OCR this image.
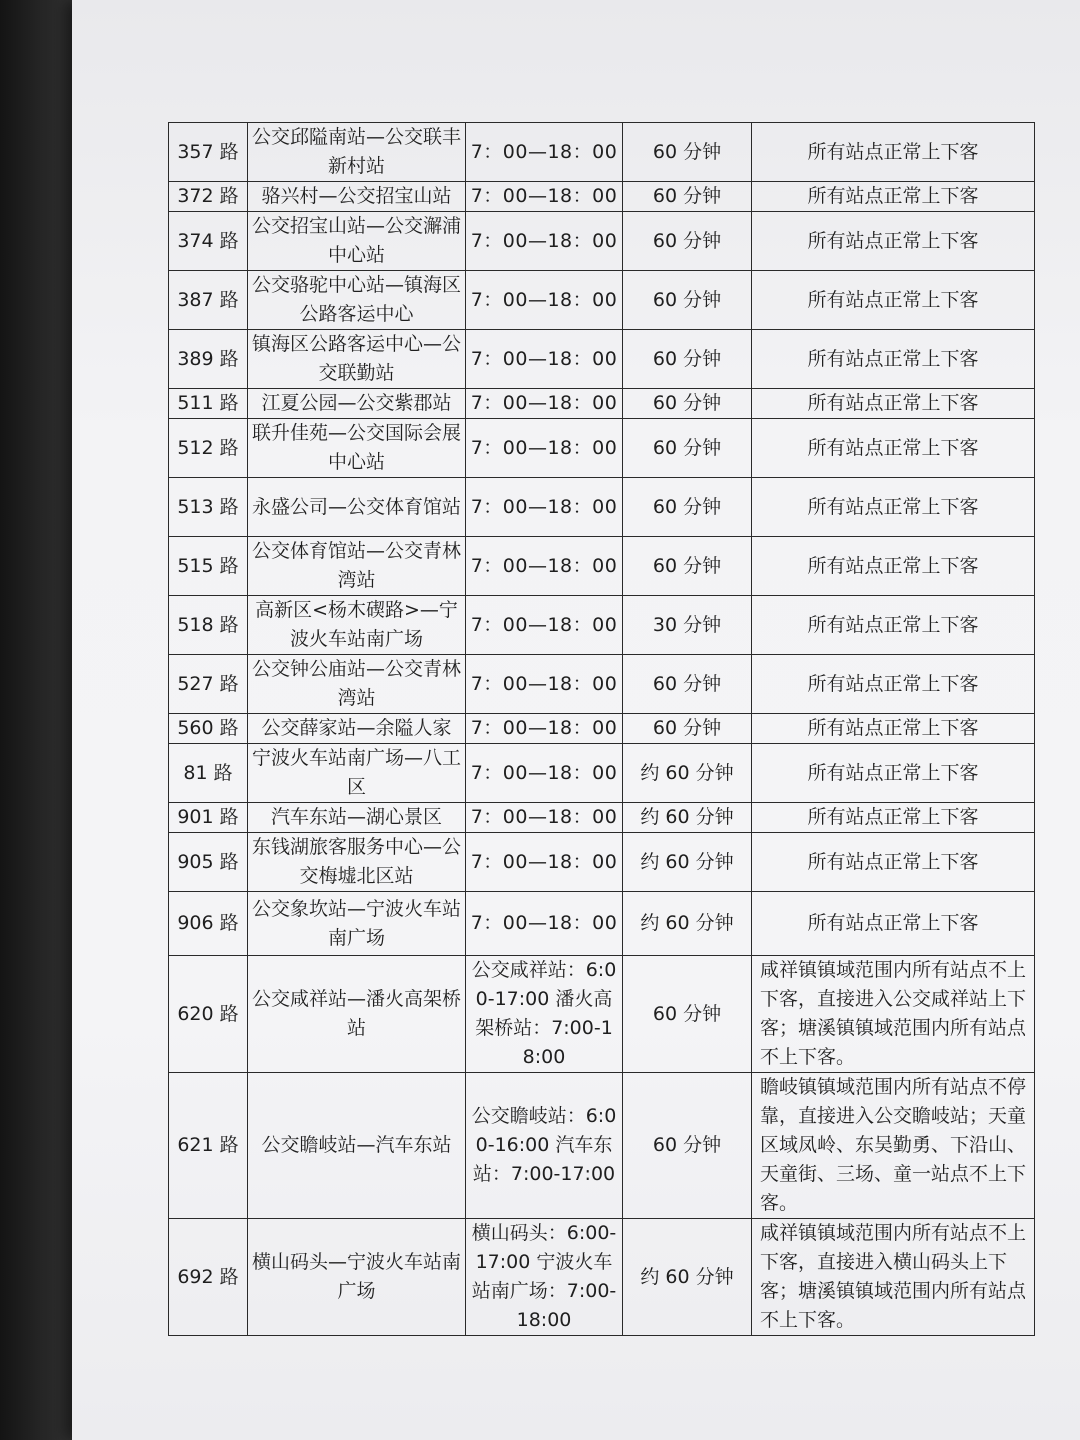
357 路	公交邱隘南站—公交联丰新村站	7：00—18：00	60 分钟	所有站点正常上下客
372 路	骆兴村—公交招宝山站	7：00—18：00	60 分钟	所有站点正常上下客
374 路	公交招宝山站—公交澥浦中心站	7：00—18：00	60 分钟	所有站点正常上下客
387 路	公交骆驼中心站—镇海区公路客运中心	7：00—18：00	60 分钟	所有站点正常上下客
389 路	镇海区公路客运中心—公交联勤站	7：00—18：00	60 分钟	所有站点正常上下客
511 路	江夏公园—公交紫郡站	7：00—18：00	60 分钟	所有站点正常上下客
512 路	联升佳苑—公交国际会展中心站	7：00—18：00	60 分钟	所有站点正常上下客
513 路	永盛公司—公交体育馆站	7：00—18：00	60 分钟	所有站点正常上下客
515 路	公交体育馆站—公交青林湾站	7：00—18：00	60 分钟	所有站点正常上下客
518 路	高新区<杨木碶路>—宁波火车站南广场	7：00—18：00	30 分钟	所有站点正常上下客
527 路	公交钟公庙站—公交青林湾站	7：00—18：00	60 分钟	所有站点正常上下客
560 路	公交薛家站—余隘人家	7：00—18：00	60 分钟	所有站点正常上下客
81 路	宁波火车站南广场—八工区	7：00—18：00	约 60 分钟	所有站点正常上下客
901 路	汽车东站—湖心景区	7：00—18：00	约 60 分钟	所有站点正常上下客
905 路	东钱湖旅客服务中心—公交梅墟北区站	7：00—18：00	约 60 分钟	所有站点正常上下客
906 路	公交象坎站—宁波火车站南广场	7：00—18：00	约 60 分钟	所有站点正常上下客
620 路	公交咸祥站—潘火高架桥站	公交咸祥站：6:00-17:00 潘火高架桥站：7:00-18:00	60 分钟	咸祥镇镇域范围内所有站点不上下客，直接进入公交咸祥站上下客；塘溪镇镇域范围内所有站点不上下客。
621 路	公交瞻岐站—汽车东站	公交瞻岐站：6:00-16:00 汽车东站：7:00-17:00	60 分钟	瞻岐镇镇域范围内所有站点不停靠，直接进入公交瞻岐站；天童区域凤岭、东吴勤勇、下沿山、天童街、三场、童一站点不上下客。
692 路	横山码头—宁波火车站南广场	横山码头：6:00-17:00 宁波火车站南广场：7:00-18:00	约 60 分钟	咸祥镇镇域范围内所有站点不上下客，直接进入横山码头上下客；塘溪镇镇域范围内所有站点不上下客。
